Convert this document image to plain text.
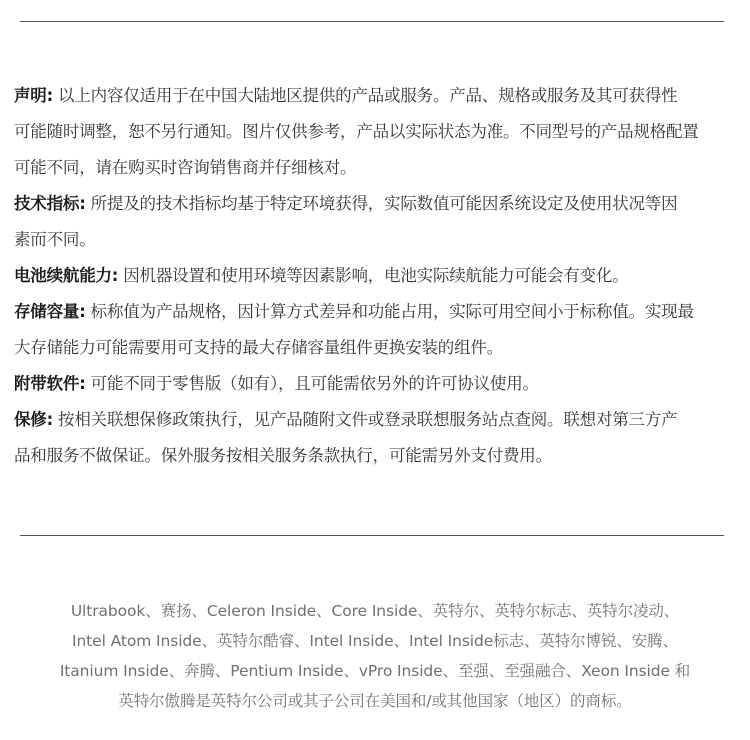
声明: 以上内容仅适用于在中国大陆地区提供的产品或服务。产品、规格或服务及其可获得性
可能随时调整，恕不另行通知。图片仅供参考，产品以实际状态为准。不同型号的产品规格配置
可能不同，请在购买时咨询销售商并仔细核对。

技术指标: 所提及的技术指标均基于特定环境获得，实际数值可能因系统设定及使用状况等因
素而不同。

电池续航能力: 因机器设置和使用环境等因素影响，电池实际续航能力可能会有变化。

存储容量: 标称值为产品规格，因计算方式差异和功能占用，实际可用空间小于标称值。实现最
大存储能力可能需要用可支持的最大存储容量组件更换安装的组件。

附带软件: 可能不同于零售版（如有），且可能需依另外的许可协议使用。

保修: 按相关联想保修政策执行，见产品随附文件或登录联想服务站点查阅。联想对第三方产
品和服务不做保证。保外服务按相关服务条款执行，可能需另外支付费用。

Ultrabook、赛扬、Celeron Inside、Core Inside、英特尔、英特尔标志、英特尔凌动、
Intel Atom Inside、英特尔酷睿、Intel Inside、Intel Inside标志、英特尔博锐、安腾、
Itanium Inside、奔腾、Pentium Inside、vPro Inside、至强、至强融合、Xeon Inside 和
英特尔傲腾是英特尔公司或其子公司在美国和/或其他国家（地区）的商标。
